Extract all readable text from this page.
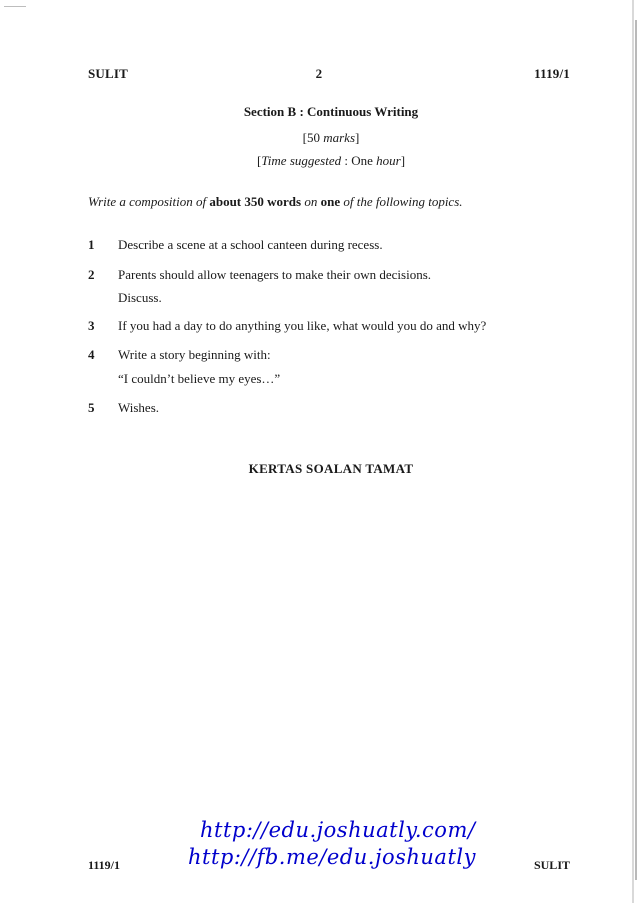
SULIT	2	1119/1
Section B : Continuous Writing
[50 marks]
[Time suggested : One hour]
Write a composition of about 350 words on one of the following topics.
1 Describe a scene at a school canteen during recess.
2 Parents should allow teenagers to make their own decisions.
Discuss.
3 If you had a day to do anything you like, what would you do and why?
4 Write a story beginning with:
“I couldn’t believe my eyes…”
5 Wishes.
KERTAS SOALAN TAMAT
http://edu.joshuatly.com/
http://fb.me/edu.joshuatly
1119/1	SULIT
